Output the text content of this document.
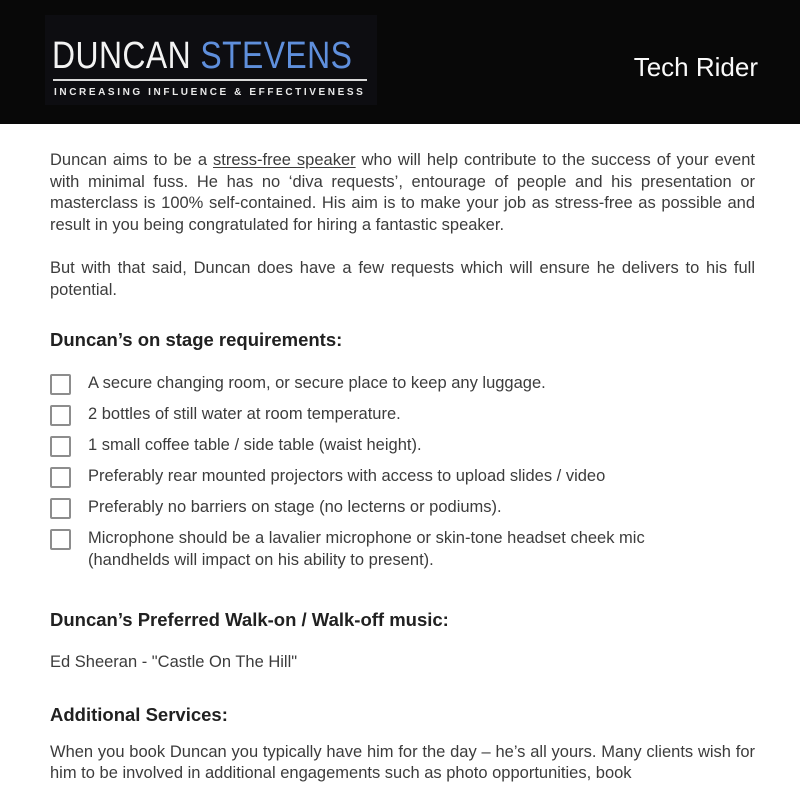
DUNCAN STEVENS
INCREASING INFLUENCE & EFFECTIVENESS
Tech Rider

Duncan aims to be a stress-free speaker who will help contribute to the success of your event with minimal fuss. He has no ‘diva requests’, entourage of people and his presentation or masterclass is 100% self-contained. His aim is to make your job as stress-free as possible and result in you being congratulated for hiring a fantastic speaker.

But with that said, Duncan does have a few requests which will ensure he delivers to his full potential.

Duncan’s on stage requirements:
A secure changing room, or secure place to keep any luggage.
2 bottles of still water at room temperature.
1 small coffee table / side table (waist height).
Preferably rear mounted projectors with access to upload slides / video
Preferably no barriers on stage (no lecterns or podiums).
Microphone should be a lavalier microphone or skin-tone headset cheek mic (handhelds will impact on his ability to present).
Duncan’s Preferred Walk-on / Walk-off music:

Ed Sheeran - "Castle On The Hill"

Additional Services:

When you book Duncan you typically have him for the day – he’s all yours. Many clients wish for him to be involved in additional engagements such as photo opportunities, book
